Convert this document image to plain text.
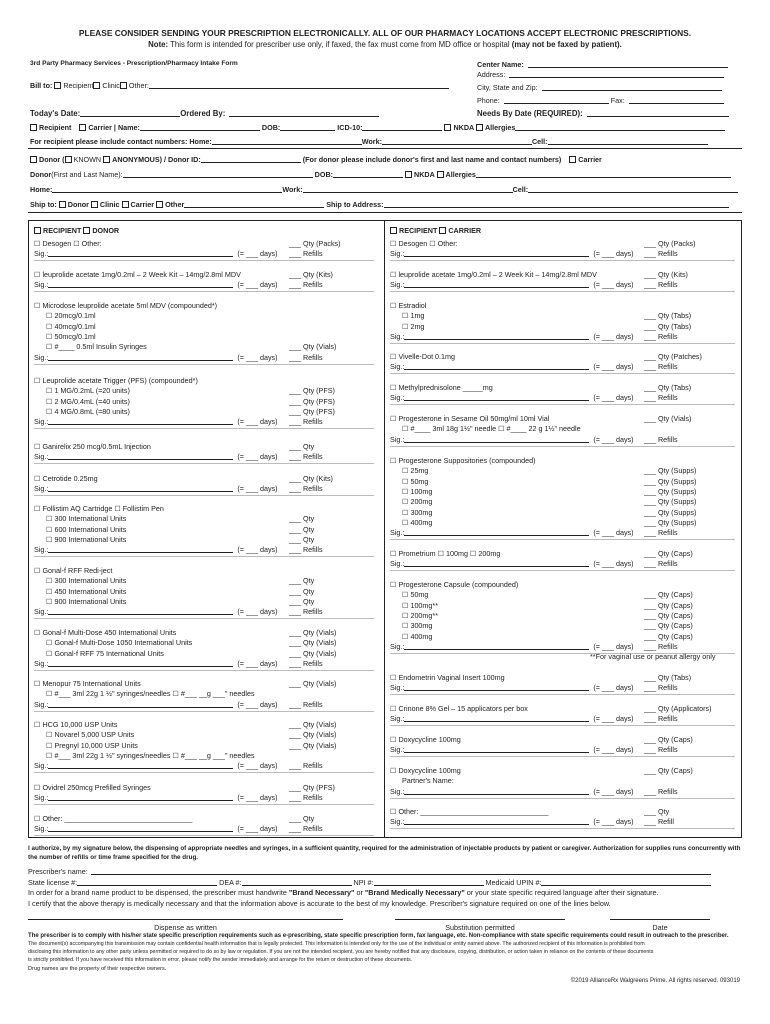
PLEASE CONSIDER SENDING YOUR PRESCRIPTION ELECTRONICALLY. ALL OF OUR PHARMACY LOCATIONS ACCEPT ELECTRONIC PRESCRIPTIONS.
Note: This form is intended for prescriber use only, if faxed, the fax must come from MD office or hospital (may not be faxed by patient).
3rd Party Pharmacy Services - Prescription/Pharmacy Intake Form
Bill to: Recipient Clinic Other:
Center Name:
Address:
City, State and Zip:
Phone:	Fax:
Needs By Date (REQUIRED):
Today's Date:	Ordered By:
Recipient Carrier | Name:	DOB:	ICD-10:	NKDA Allergies
For recipient please include contact numbers: Home:	Work:	Cell:
Donor ( KNOWN ANONYMOUS) / Donor ID:	(For donor please include donor's first and last name and contact numbers) Carrier
Donor(First and Last Name):	DOB:	NKDA Allergies
Home:	Work:	Cell:
Ship to: Donor Clinic Carrier Other	Ship to Address:
RECIPIENT DONOR	RECIPIENT CARRIER
☐ Desogen ☐ Other:	___ Qty (Packs)
Sig.:	(= ___ days) ___ Refills
☐ leuprolide acetate 1mg/0.2ml – 2 Week Kit – 14mg/2.8ml MDV	___ Qty (Kits)
Sig.:	(= ___ days) ___ Refills
☐ Microdose leuprolide acetate 5ml MDV (compounded*)
☐ 20mcg/0.1ml
☐ 40mcg/0.1ml
☐ 50mcg/0.1ml
☐ #____ 0.5ml Insulin Syringes	___ Qty (Vials)
Sig.:	(= ___ days) ___ Refills
☐ Leuprolide acetate Trigger (PFS) (compounded*)
☐ 1 MG/0.2mL (=20 units)	___ Qty (PFS)
☐ 2 MG/0.4mL (=40 units)	___ Qty (PFS)
☐ 4 MG/0.8mL (=80 units)	___ Qty (PFS)
Sig.:	(= ___ days) ___ Refills
☐ Ganirelix 250 mcg/0.5mL Injection	___ Qty
Sig.:	(= ___ days) ___ Refills
☐ Cetrotide 0.25mg	___ Qty (Kits)
Sig.:	(= ___ days) ___ Refills
☐ Follistim AQ Cartridge ☐ Follistim Pen
☐ 300 International Units	___ Qty
☐ 600 International Units	___ Qty
☐ 900 International Units	___ Qty
Sig.:	(= ___ days) ___ Refills
☐ Gonal-f RFF Redi-ject
☐ 300 International Units	___ Qty
☐ 450 International Units	___ Qty
☐ 900 International Units	___ Qty
Sig.:	(= ___ days) ___ Refills
☐ Gonal-f Multi-Dose 450 International Units	___ Qty (Vials)
☐ Gonal-f Multi-Dose 1050 International Units	___ Qty (Vials)
☐ Gonal-f RFF 75 International Units	___ Qty (Vials)
Sig.:	(= ___ days) ___ Refills
☐ Menopur 75 International Units	___ Qty (Vials)
☐ #___ 3ml 22g 1 ½" syringes/needles ☐ #___ __g ___" needles
Sig.:	(= ___ days) ___ Refills
☐ HCG 10,000 USP Units	___ Qty (Vials)
☐ Novarel 5,000 USP Units	___ Qty (Vials)
☐ Pregnyl 10,000 USP Units	___ Qty (Vials)
☐ #___ 3ml 22g 1 ½" syringes/needles ☐ #___ __g ___" needles
Sig.:	(= ___ days) ___ Refills
☐ Ovidrel 250mcg Prefilled Syringes	___ Qty (PFS)
Sig.:	(= ___ days) ___ Refills
☐ Other: ________________________________	___ Qty
Sig.:	(= ___ days) ___ Refills
☐ Desogen ☐ Other:	___ Qty (Packs)
Sig.:	(= ___ days) ___ Refills
☐ leuprolide acetate 1mg/0.2ml – 2 Week Kit – 14mg/2.8ml MDV	___ Qty (Kits)
Sig.:	(= ___ days) ___ Refills
☐ Estradiol
☐ 1mg	___ Qty (Tabs)
☐ 2mg	___ Qty (Tabs)
Sig.:	(= ___ days) ___ Refills
☐ Vivelle-Dot 0.1mg	___ Qty (Patches)
Sig.:	(= ___ days) ___ Refills
☐ Methylprednisolone _____mg	___ Qty (Tabs)
Sig.:	(= ___ days) ___ Refills
☐ Progesterone in Sesame Oil 50mg/ml 10ml Vial	___ Qty (Vials)
☐ #____ 3ml 18g 1½" needle ☐ #____ 22 g 1½" needle
Sig.:	(= ___ days) ___ Refills
☐ Progesterone Suppositories (compounded)
☐ 25mg	___ Qty (Supps)
☐ 50mg	___ Qty (Supps)
☐ 100mg	___ Qty (Supps)
☐ 200mg	___ Qty (Supps)
☐ 300mg	___ Qty (Supps)
☐ 400mg	___ Qty (Supps)
Sig.:	(= ___ days) ___ Refills
☐ Prometrium ☐ 100mg ☐ 200mg	___ Qty (Caps)
Sig.:	(= ___ days) ___ Refills
☐ Progesterone Capsule (compounded)
☐ 50mg	___ Qty (Caps)
☐ 100mg**	___ Qty (Caps)
☐ 200mg**	___ Qty (Caps)
☐ 300mg	___ Qty (Caps)
☐ 400mg	___ Qty (Caps)
Sig.:	(= ___ days) ___ Refills
☐ Endometrin Vaginal Insert 100mg	___ Qty (Tabs)
Sig.:	(= ___ days) ___ Refills
☐ Crinone 8% Gel – 15 applicators per box	___ Qty (Applicators)
Sig.:	(= ___ days) ___ Refills
☐ Doxycycline 100mg	___ Qty (Caps)
Sig.:	(= ___ days) ___ Refills
☐ Doxycycline 100mg	___ Qty (Caps)
Partner's Name:
Sig.:	(= ___ days) ___ Refills
☐ Other: ________________________________	___ Qty
Sig.:	(= ___ days) ___ Refill
**For vaginal use or peanut allergy only
I authorize, by my signature below, the dispensing of appropriate needles and syringes, in a sufficient quantity, required for the administration of injectable products by patient or caregiver. Authorization for supplies runs concurrently with the number of refills or time frame specified for the drug.
Prescriber's name:
State license #:	DEA #:	NPI #:	Medicaid UPIN #:
In order for a brand name product to be dispensed, the prescriber must handwrite "Brand Necessary" or "Brand Medically Necessary" or your state specific required language after their signature.
I certify that the above therapy is medically necessary and that the information above is accurate to the best of my knowledge. Prescriber's signature required on one of the lines below.
Dispense as written	Substitution permitted	Date
The prescriber is to comply with his/her state specific prescription requirements such as e-prescribing, state specific prescription form, fax language, etc. Non-compliance with state specific requirements could result in outreach to the prescriber.
The document(s) accompanying this transmission may contain confidential health information that is legally protected. This information is intended only for the use of the individual or entity named above. The authorized recipient of this information is prohibited from
disclosing this information to any other party unless permitted or required to do so by law or regulation. If you are not the intended recipient, you are hereby notified that any disclosure, copying, distribution, or action taken in reliance on the contents of these documents
is strictly prohibited. If you have received this information in error, please notify the sender immediately and arrange for the return or destruction of these documents.
Drug names are the property of their respective owners.
©2019 AllianceRx Walgreens Prime. All rights reserved. 093019
